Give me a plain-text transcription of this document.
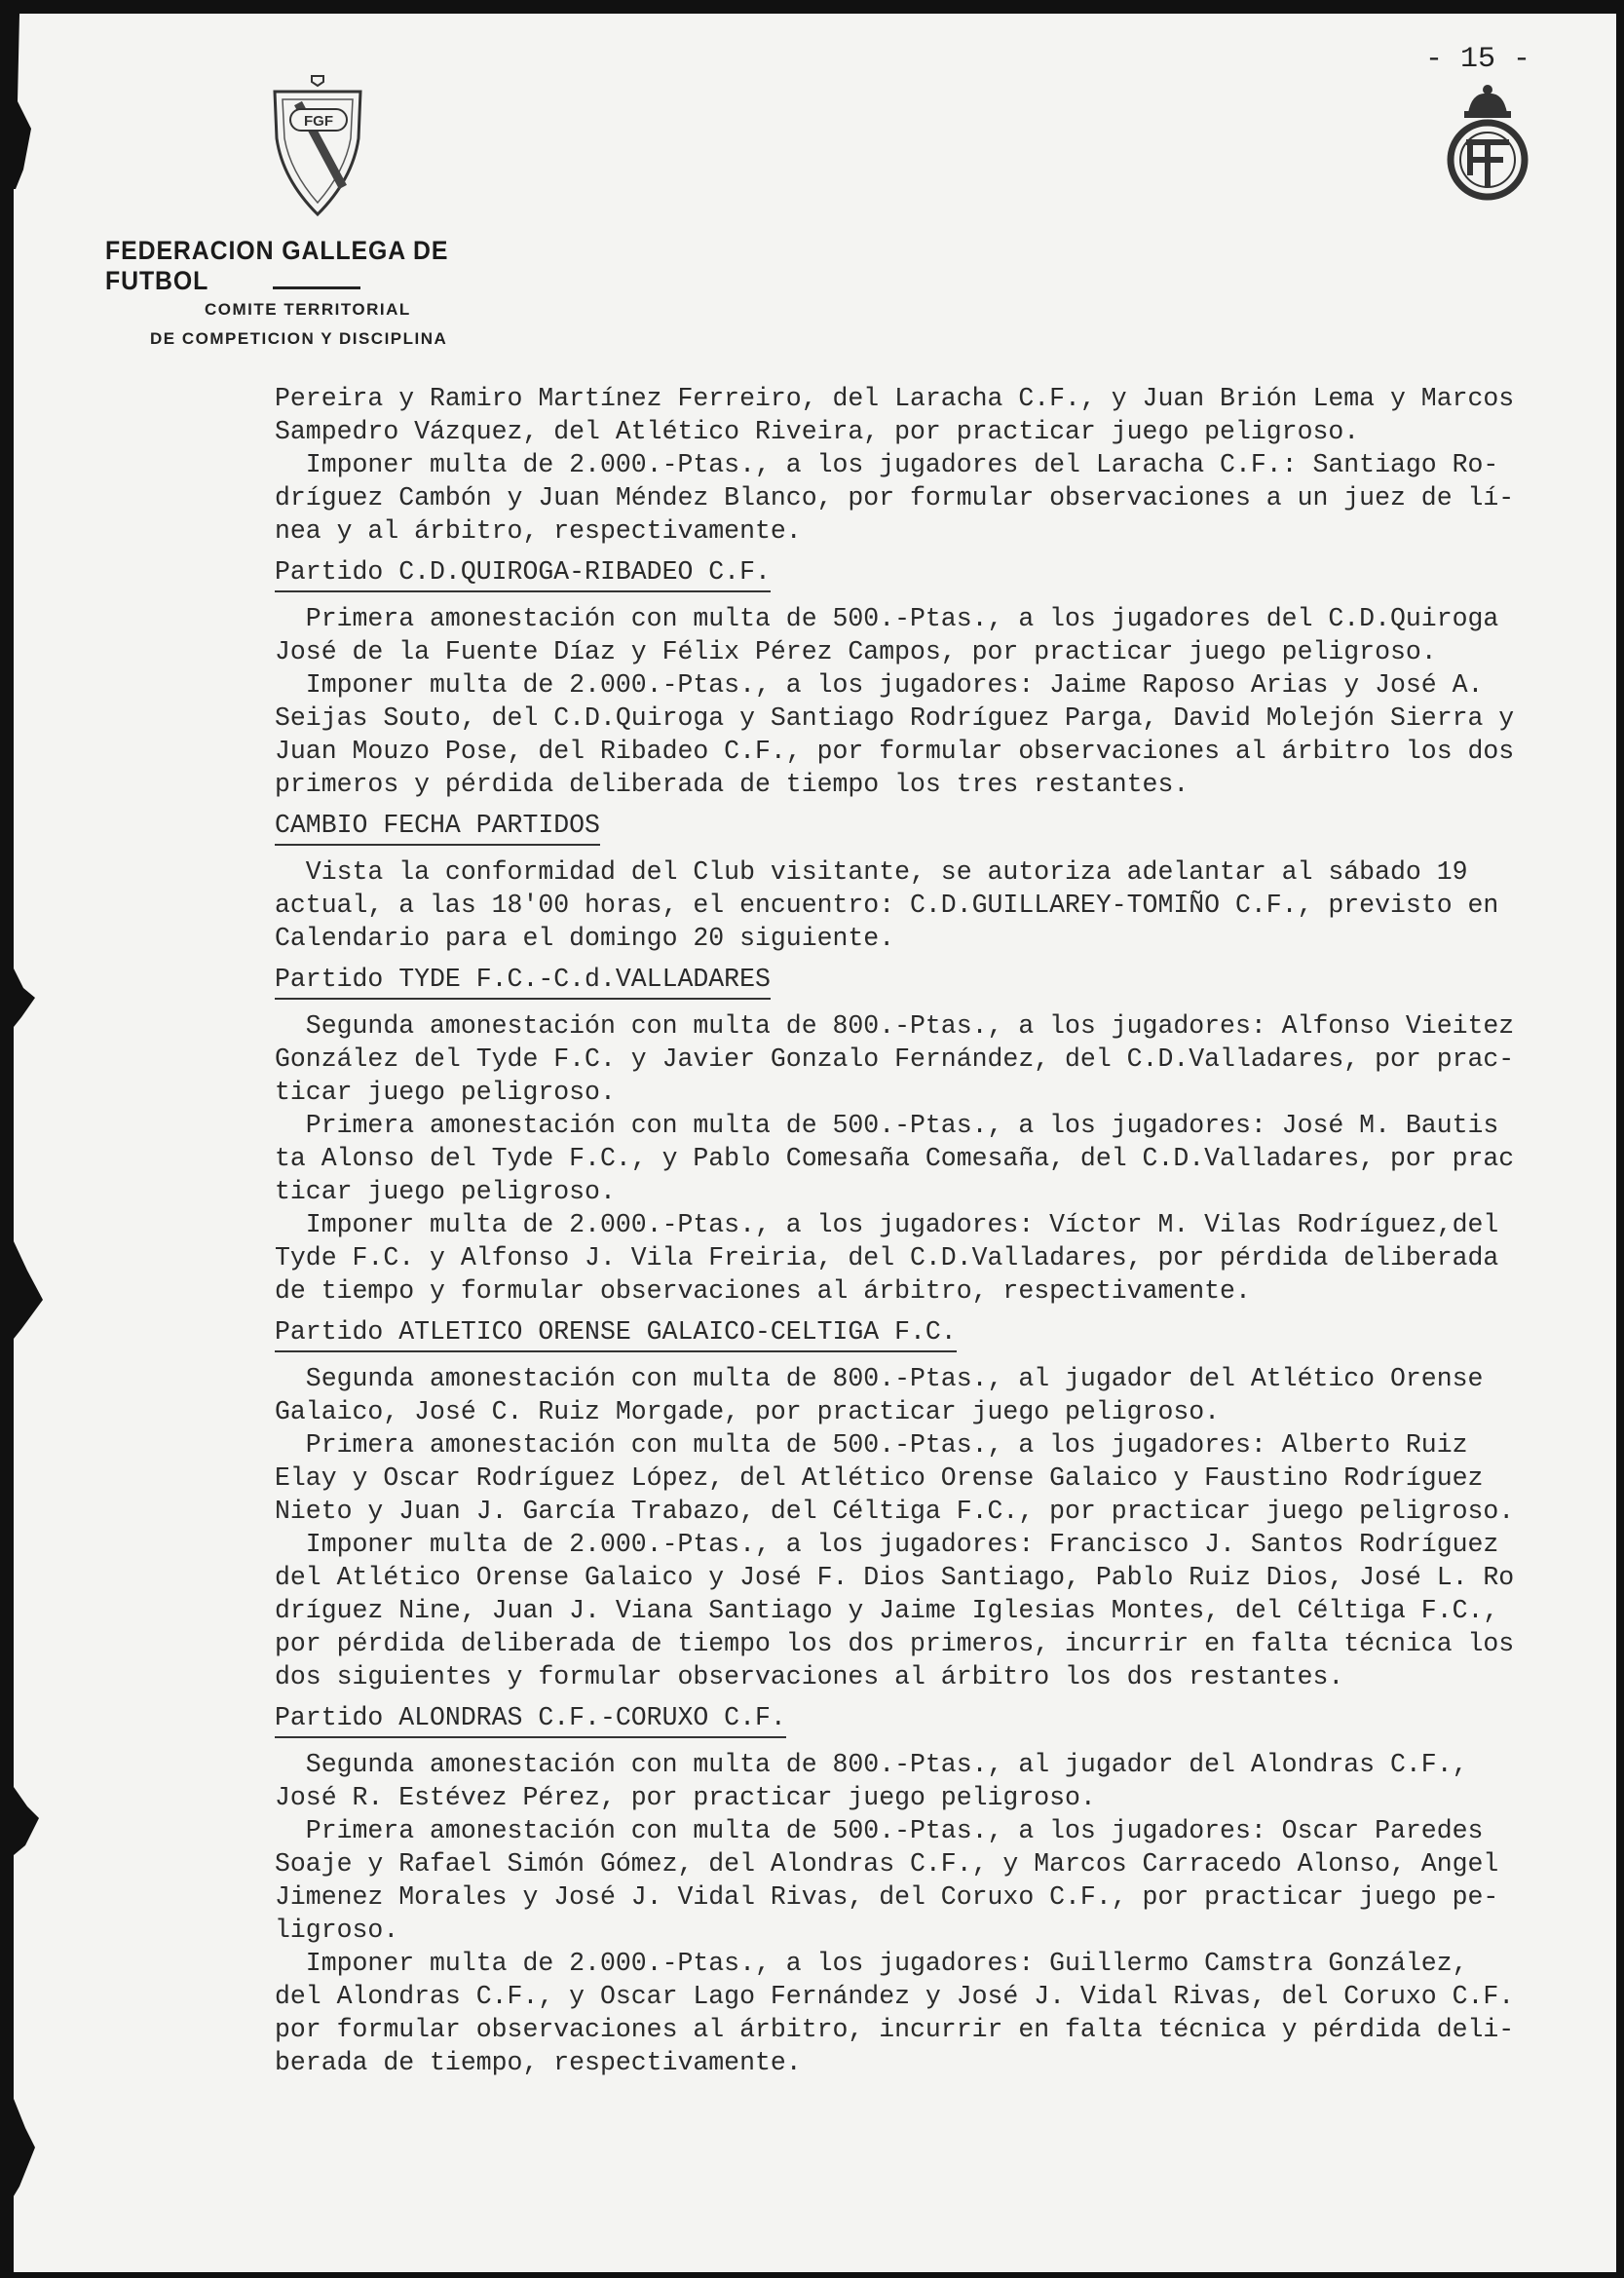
- 15 -
FGF
FEDERACION GALLEGA DE FUTBOL
COMITE TERRITORIAL
DE COMPETICION Y DISCIPLINA
Pereira y Ramiro Martínez Ferreiro, del Laracha C.F., y Juan Brión Lema y Marcos
Sampedro Vázquez, del Atlético Riveira, por practicar juego peligroso.
Imponer multa de 2.000.-Ptas., a los jugadores del Laracha C.F.: Santiago Ro-
dríguez Cambón y Juan Méndez Blanco, por formular observaciones a un juez de lí-
nea y al árbitro, respectivamente.
Partido C.D.QUIROGA-RIBADEO C.F.
Primera amonestación con multa de 500.-Ptas., a los jugadores del C.D.Quiroga
José de la Fuente Díaz y Félix Pérez Campos, por practicar juego peligroso.
Imponer multa de 2.000.-Ptas., a los jugadores: Jaime Raposo Arias y José A.
Seijas Souto, del C.D.Quiroga y Santiago Rodríguez Parga, David Molejón Sierra y
Juan Mouzo Pose, del Ribadeo C.F., por formular observaciones al árbitro los dos
primeros y pérdida deliberada de tiempo los tres restantes.
CAMBIO FECHA PARTIDOS
Vista la conformidad del Club visitante, se autoriza adelantar al sábado 19
actual, a las 18'00 horas, el encuentro: C.D.GUILLAREY-TOMIÑO C.F., previsto en
Calendario para el domingo 20 siguiente.
Partido TYDE F.C.-C.d.VALLADARES
Segunda amonestación con multa de 800.-Ptas., a los jugadores: Alfonso Vieitez
González del Tyde F.C. y Javier Gonzalo Fernández, del C.D.Valladares, por prac-
ticar juego peligroso.
Primera amonestación con multa de 500.-Ptas., a los jugadores: José M. Bautis
ta Alonso del Tyde F.C., y Pablo Comesaña Comesaña, del C.D.Valladares, por prac
ticar juego peligroso.
Imponer multa de 2.000.-Ptas., a los jugadores: Víctor M. Vilas Rodríguez,del
Tyde F.C. y Alfonso J. Vila Freiria, del C.D.Valladares, por pérdida deliberada
de tiempo y formular observaciones al árbitro, respectivamente.
Partido ATLETICO ORENSE GALAICO-CELTIGA F.C.
Segunda amonestación con multa de 800.-Ptas., al jugador del Atlético Orense
Galaico, José C. Ruiz Morgade, por practicar juego peligroso.
Primera amonestación con multa de 500.-Ptas., a los jugadores: Alberto Ruiz
Elay y Oscar Rodríguez López, del Atlético Orense Galaico y Faustino Rodríguez
Nieto y Juan J. García Trabazo, del Céltiga F.C., por practicar juego peligroso.
Imponer multa de 2.000.-Ptas., a los jugadores: Francisco J. Santos Rodríguez
del Atlético Orense Galaico y José F. Dios Santiago, Pablo Ruiz Dios, José L. Ro
dríguez Nine, Juan J. Viana Santiago y Jaime Iglesias Montes, del Céltiga F.C.,
por pérdida deliberada de tiempo los dos primeros, incurrir en falta técnica los
dos siguientes y formular observaciones al árbitro los dos restantes.
Partido ALONDRAS C.F.-CORUXO C.F.
Segunda amonestación con multa de 800.-Ptas., al jugador del Alondras C.F.,
José R. Estévez Pérez, por practicar juego peligroso.
Primera amonestación con multa de 500.-Ptas., a los jugadores: Oscar Paredes
Soaje y Rafael Simón Gómez, del Alondras C.F., y Marcos Carracedo Alonso, Angel
Jimenez Morales y José J. Vidal Rivas, del Coruxo C.F., por practicar juego pe-
ligroso.
Imponer multa de 2.000.-Ptas., a los jugadores: Guillermo Camstra González,
del Alondras C.F., y Oscar Lago Fernández y José J. Vidal Rivas, del Coruxo C.F.
por formular observaciones al árbitro, incurrir en falta técnica y pérdida deli-
berada de tiempo, respectivamente.
